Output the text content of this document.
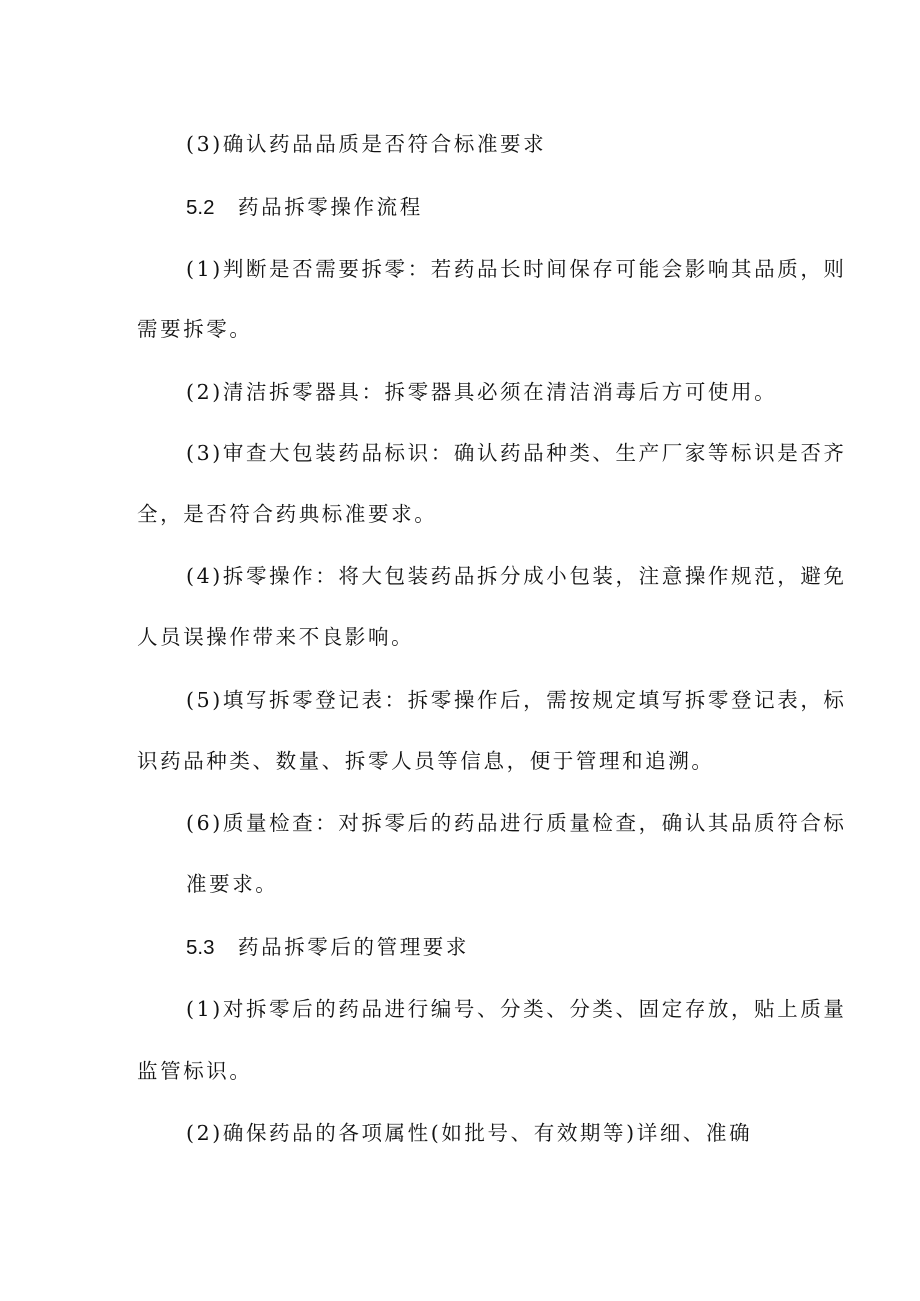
(3)确认药品品质是否符合标准要求
5.2 药品拆零操作流程
(1)判断是否需要拆零：若药品长时间保存可能会影响其品质，则
需要拆零。
(2)清洁拆零器具：拆零器具必须在清洁消毒后方可使用。
(3)审查大包装药品标识：确认药品种类、生产厂家等标识是否齐
全，是否符合药典标准要求。
(4)拆零操作：将大包装药品拆分成小包装，注意操作规范，避免
人员误操作带来不良影响。
(5)填写拆零登记表：拆零操作后，需按规定填写拆零登记表，标
识药品种类、数量、拆零人员等信息，便于管理和追溯。
(6)质量检查：对拆零后的药品进行质量检查，确认其品质符合标
准要求。
5.3 药品拆零后的管理要求
(1)对拆零后的药品进行编号、分类、分类、固定存放，贴上质量
监管标识。
(2)确保药品的各项属性(如批号、有效期等)详细、准确
